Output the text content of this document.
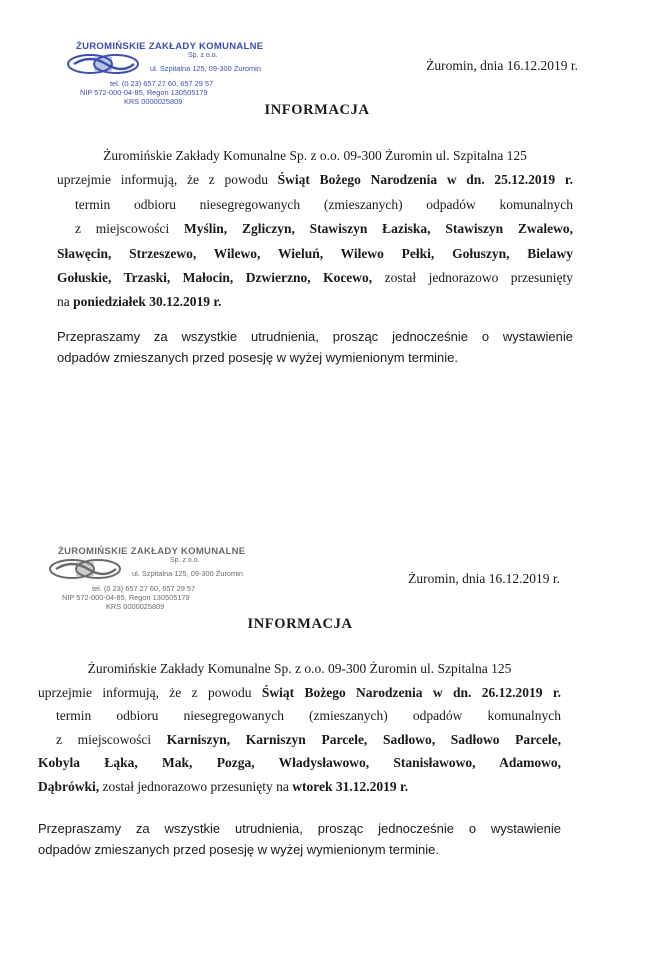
ŻUROMIŃSKIE ZAKŁADY KOMUNALNE
Sp. z o.o.
ul. Szpitalna 125, 09-300 Żuromin
tel. (0 23) 657 27 60, 657 29 57
NIP 572-000-04-85, Regon 130505179
KRS 0000025809
Żuromin, dnia 16.12.2019 r.
INFORMACJA
Żuromińskie Zakłady Komunalne Sp. z o.o. 09-300 Żuromin ul. Szpitalna 125
uprzejmie informują, że z powodu Świąt Bożego Narodzenia w dn. 25.12.2019 r.
termin odbioru niesegregowanych (zmieszanych) odpadów komunalnych
z miejscowości Myślin, Zgliczyn, Stawiszyn Łaziska, Stawiszyn Zwalewo,
Sławęcin, Strzeszewo, Wilewo, Wieluń, Wilewo Pełki, Gołuszyn, Bielawy
Gołuskie, Trzaski, Małocin, Dzwierzno, Kocewo, został jednorazowo przesunięty
na poniedziałek 30.12.2019 r.
Przepraszamy za wszystkie utrudnienia, prosząc jednocześnie o wystawienie
odpadów zmieszanych przed posesję w wyżej wymienionym terminie.
ŻUROMIŃSKIE ZAKŁADY KOMUNALNE
Sp. z o.o.
ul. Szpitalna 125, 09-300 Żuromin
tel. (0 23) 657 27 60, 657 29 57
NIP 572-000-04-85, Regon 130505179
KRS 0000025809
Żuromin, dnia 16.12.2019 r.
INFORMACJA
Żuromińskie Zakłady Komunalne Sp. z o.o. 09-300 Żuromin ul. Szpitalna 125
uprzejmie informują, że z powodu Świąt Bożego Narodzenia w dn. 26.12.2019 r.
termin odbioru niesegregowanych (zmieszanych) odpadów komunalnych
z miejscowości Karniszyn, Karniszyn Parcele, Sadłowo, Sadłowo Parcele,
Kobyla Łąka, Mak, Pozga, Władysławowo, Stanisławowo, Adamowo,
Dąbrówki, został jednorazowo przesunięty na wtorek 31.12.2019 r.
Przepraszamy za wszystkie utrudnienia, prosząc jednocześnie o wystawienie
odpadów zmieszanych przed posesję w wyżej wymienionym terminie.
